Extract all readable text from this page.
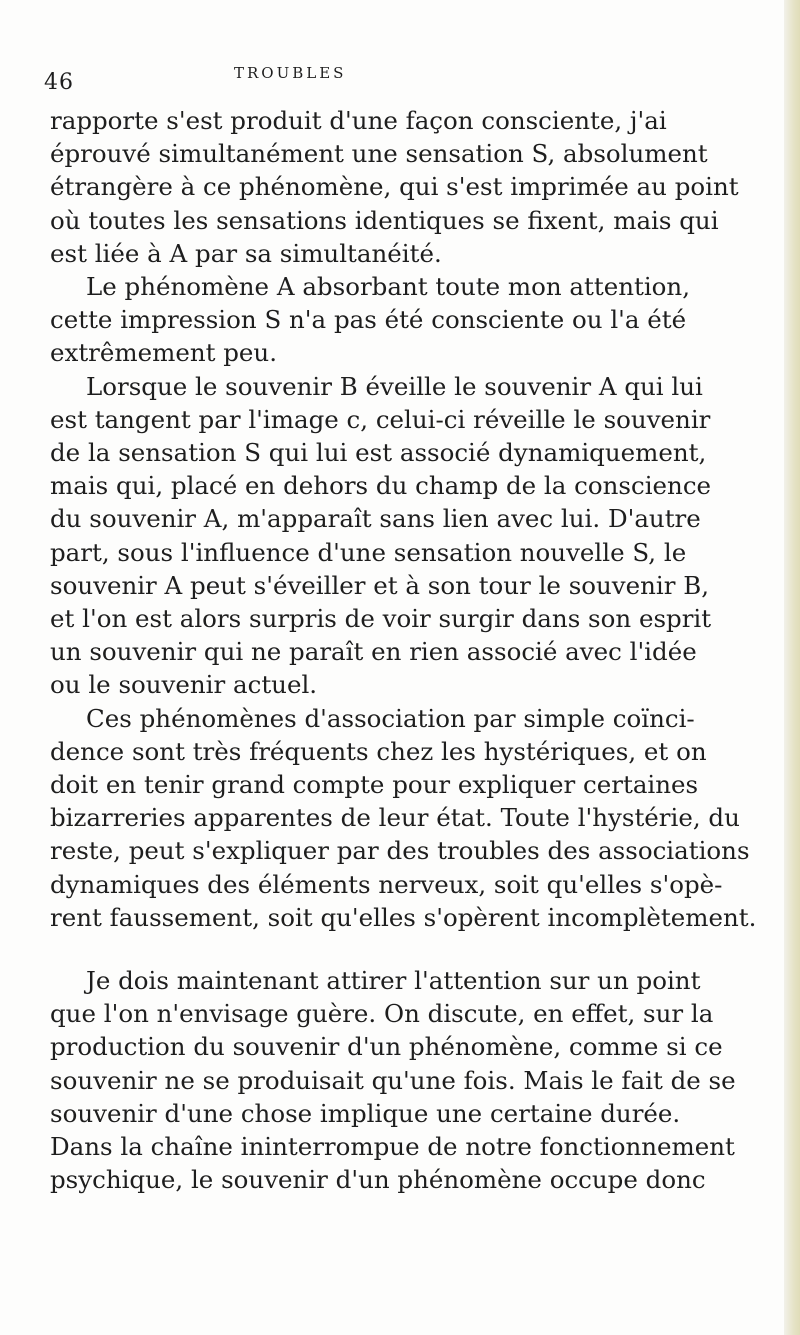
46	TROUBLES

rapporte s'est produit d'une façon consciente, j'ai
éprouvé simultanément une sensation S, absolument
étrangère à ce phénomène, qui s'est imprimée au point
où toutes les sensations identiques se fixent, mais qui
est liée à A par sa simultanéité.

Le phénomène A absorbant toute mon attention,
cette impression S n'a pas été consciente ou l'a été
extrêmement peu.

Lorsque le souvenir B éveille le souvenir A qui lui
est tangent par l'image c, celui-ci réveille le souvenir
de la sensation S qui lui est associé dynamiquement,
mais qui, placé en dehors du champ de la conscience
du souvenir A, m'apparaît sans lien avec lui. D'autre
part, sous l'influence d'une sensation nouvelle S, le
souvenir A peut s'éveiller et à son tour le souvenir B,
et l'on est alors surpris de voir surgir dans son esprit
un souvenir qui ne paraît en rien associé avec l'idée
ou le souvenir actuel.

Ces phénomènes d'association par simple coïnci-
dence sont très fréquents chez les hystériques, et on
doit en tenir grand compte pour expliquer certaines
bizarreries apparentes de leur état. Toute l'hystérie, du
reste, peut s'expliquer par des troubles des associations
dynamiques des éléments nerveux, soit qu'elles s'opè-
rent faussement, soit qu'elles s'opèrent incomplètement.

Je dois maintenant attirer l'attention sur un point
que l'on n'envisage guère. On discute, en effet, sur la
production du souvenir d'un phénomène, comme si ce
souvenir ne se produisait qu'une fois. Mais le fait de se
souvenir d'une chose implique une certaine durée.
Dans la chaîne ininterrompue de notre fonctionnement
psychique, le souvenir d'un phénomène occupe donc
